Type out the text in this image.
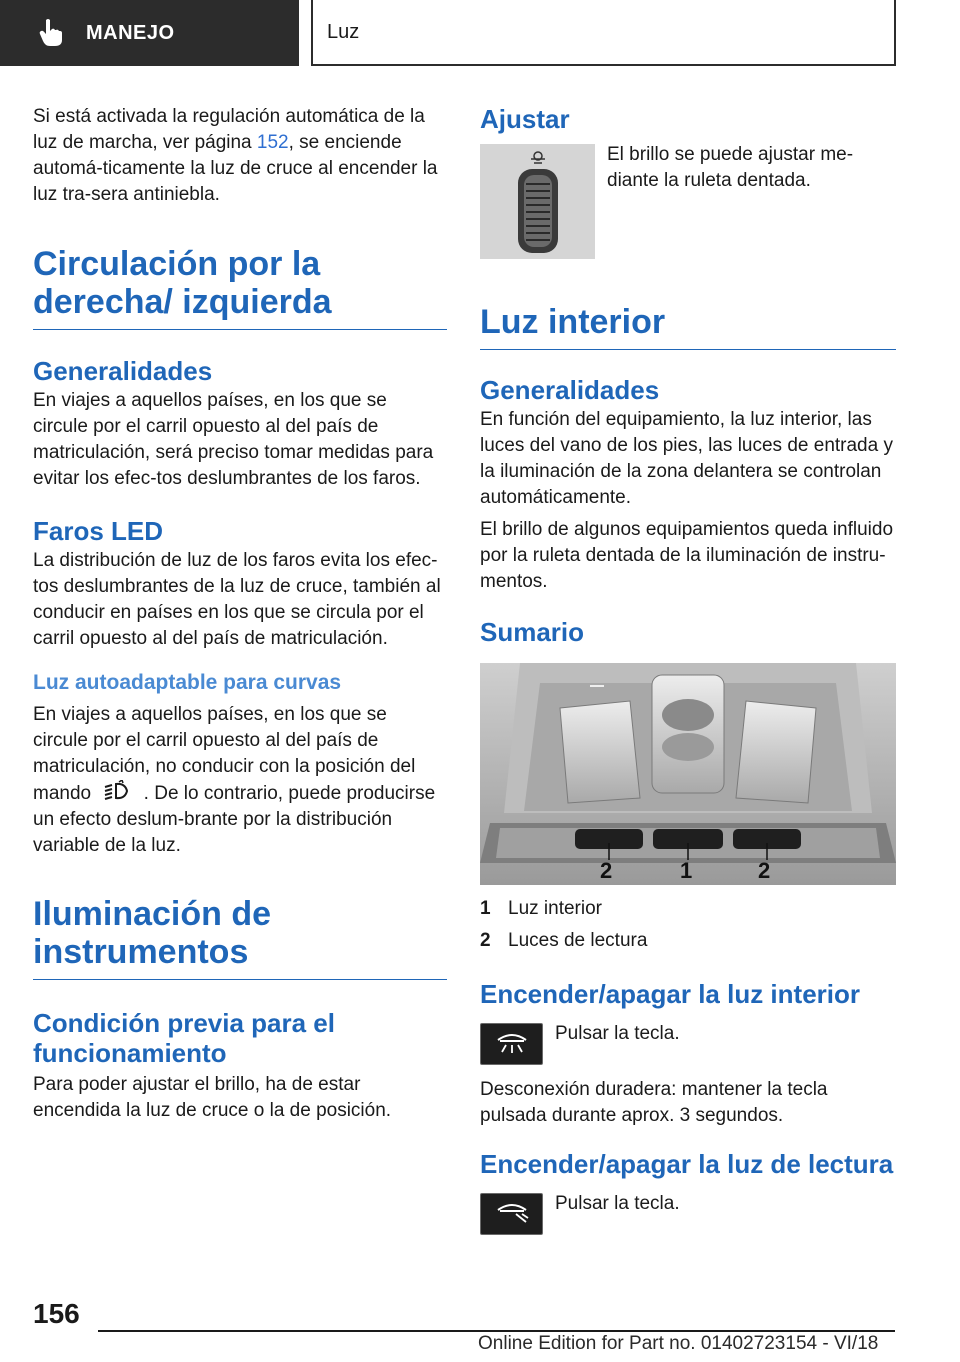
MANEJO	Luz

Si está activada la regulación automática de la luz de marcha, ver página 152, se enciende automá-ticamente la luz de cruce al encender la luz tra-sera antiniebla.

Circulación por la derecha/ izquierda
Generalidades

En viajes a aquellos países, en los que se circule por el carril opuesto al del país de matriculación, será preciso tomar medidas para evitar los efec-tos deslumbrantes de los faros.

Faros LED

La distribución de luz de los faros evita los efec-tos deslumbrantes de la luz de cruce, también al conducir en países en los que se circula por el carril opuesto al del país de matriculación.

Luz autoadaptable para curvas

En viajes a aquellos países, en los que se circule por el carril opuesto al del país de matriculación, no conducir con la posición del mando	. De lo contrario, puede producirse un efecto deslum-brante por la distribución variable de la luz.

Iluminación de instrumentos
Condición previa para el funcionamiento

Para poder ajustar el brillo, ha de estar encendida la luz de cruce o la de posición.

Ajustar

El brillo se puede ajustar me-diante la ruleta dentada.

Luz interior
Generalidades

En función del equipamiento, la luz interior, las luces del vano de los pies, las luces de entrada y la iluminación de la zona delantera se controlan automáticamente.

El brillo de algunos equipamientos queda influido por la ruleta dentada de la iluminación de instru-mentos.

Sumario
2	1	2
1 Luz interior
2 Luces de lectura
Encender/apagar la luz interior

Pulsar la tecla.

Desconexión duradera: mantener la tecla pulsada durante aprox. 3 segundos.

Encender/apagar la luz de lectura

Pulsar la tecla.

156
Online Edition for Part no. 01402723154 - VI/18
